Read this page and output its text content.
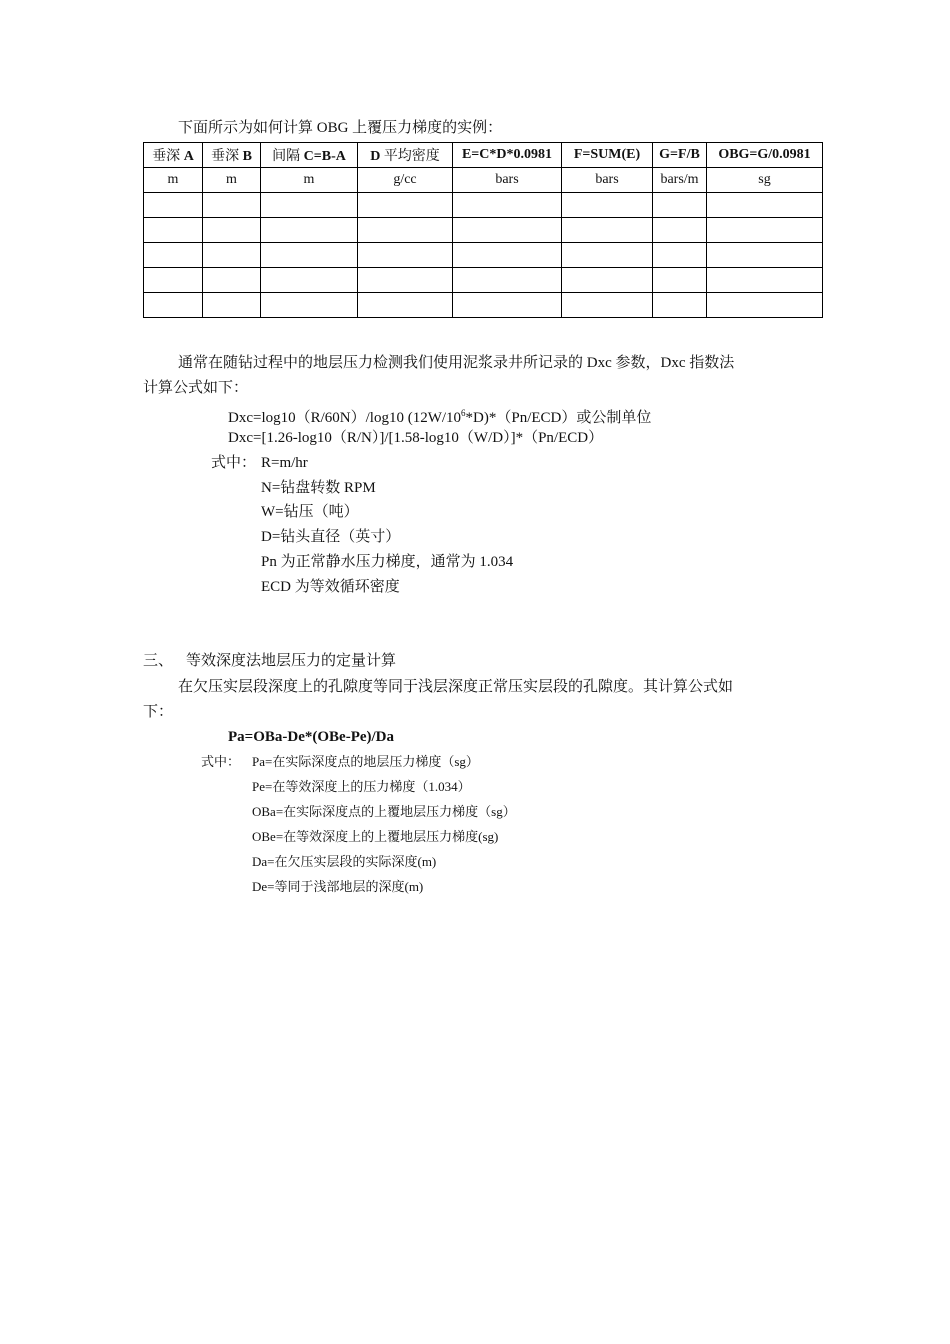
下面所示为如何计算 OBG 上覆压力梯度的实例：
垂深 A	垂深 B	间隔 C=B-A	D 平均密度	E=C*D*0.0981	F=SUM(E)	G=F/B	OBG=G/0.0981
m	m	m	g/cc	bars	bars	bars/m	sg

通常在随钻过程中的地层压力检测我们使用泥浆录井所记录的 Dxc 参数，Dxc 指数法
计算公式如下：
Dxc=log10（R/60N）/log10 $(12W/10^6*D)*(Pn/ECD)$或公制单位
Dxc=[1.26-log10（R/N）]/[1.58-log10（W/D）]*（Pn/ECD）
式中： R=m/hr
N=钻盘转数 RPM
W=钻压（吨）
D=钻头直径（英寸）
Pn 为正常静水压力梯度，通常为 1.034
ECD 为等效循环密度
三、 等效深度法地层压力的定量计算
在欠压实层段深度上的孔隙度等同于浅层深度正常压实层段的孔隙度。其计算公式如
下：
Pa=OBa-De*(OBe-Pe)/Da
式中： Pa=在实际深度点的地层压力梯度（sg）
Pe=在等效深度上的压力梯度（1.034）
OBa=在实际深度点的上覆地层压力梯度（sg）
OBe=在等效深度上的上覆地层压力梯度(sg)
Da=在欠压实层段的实际深度(m)
De=等同于浅部地层的深度(m)
